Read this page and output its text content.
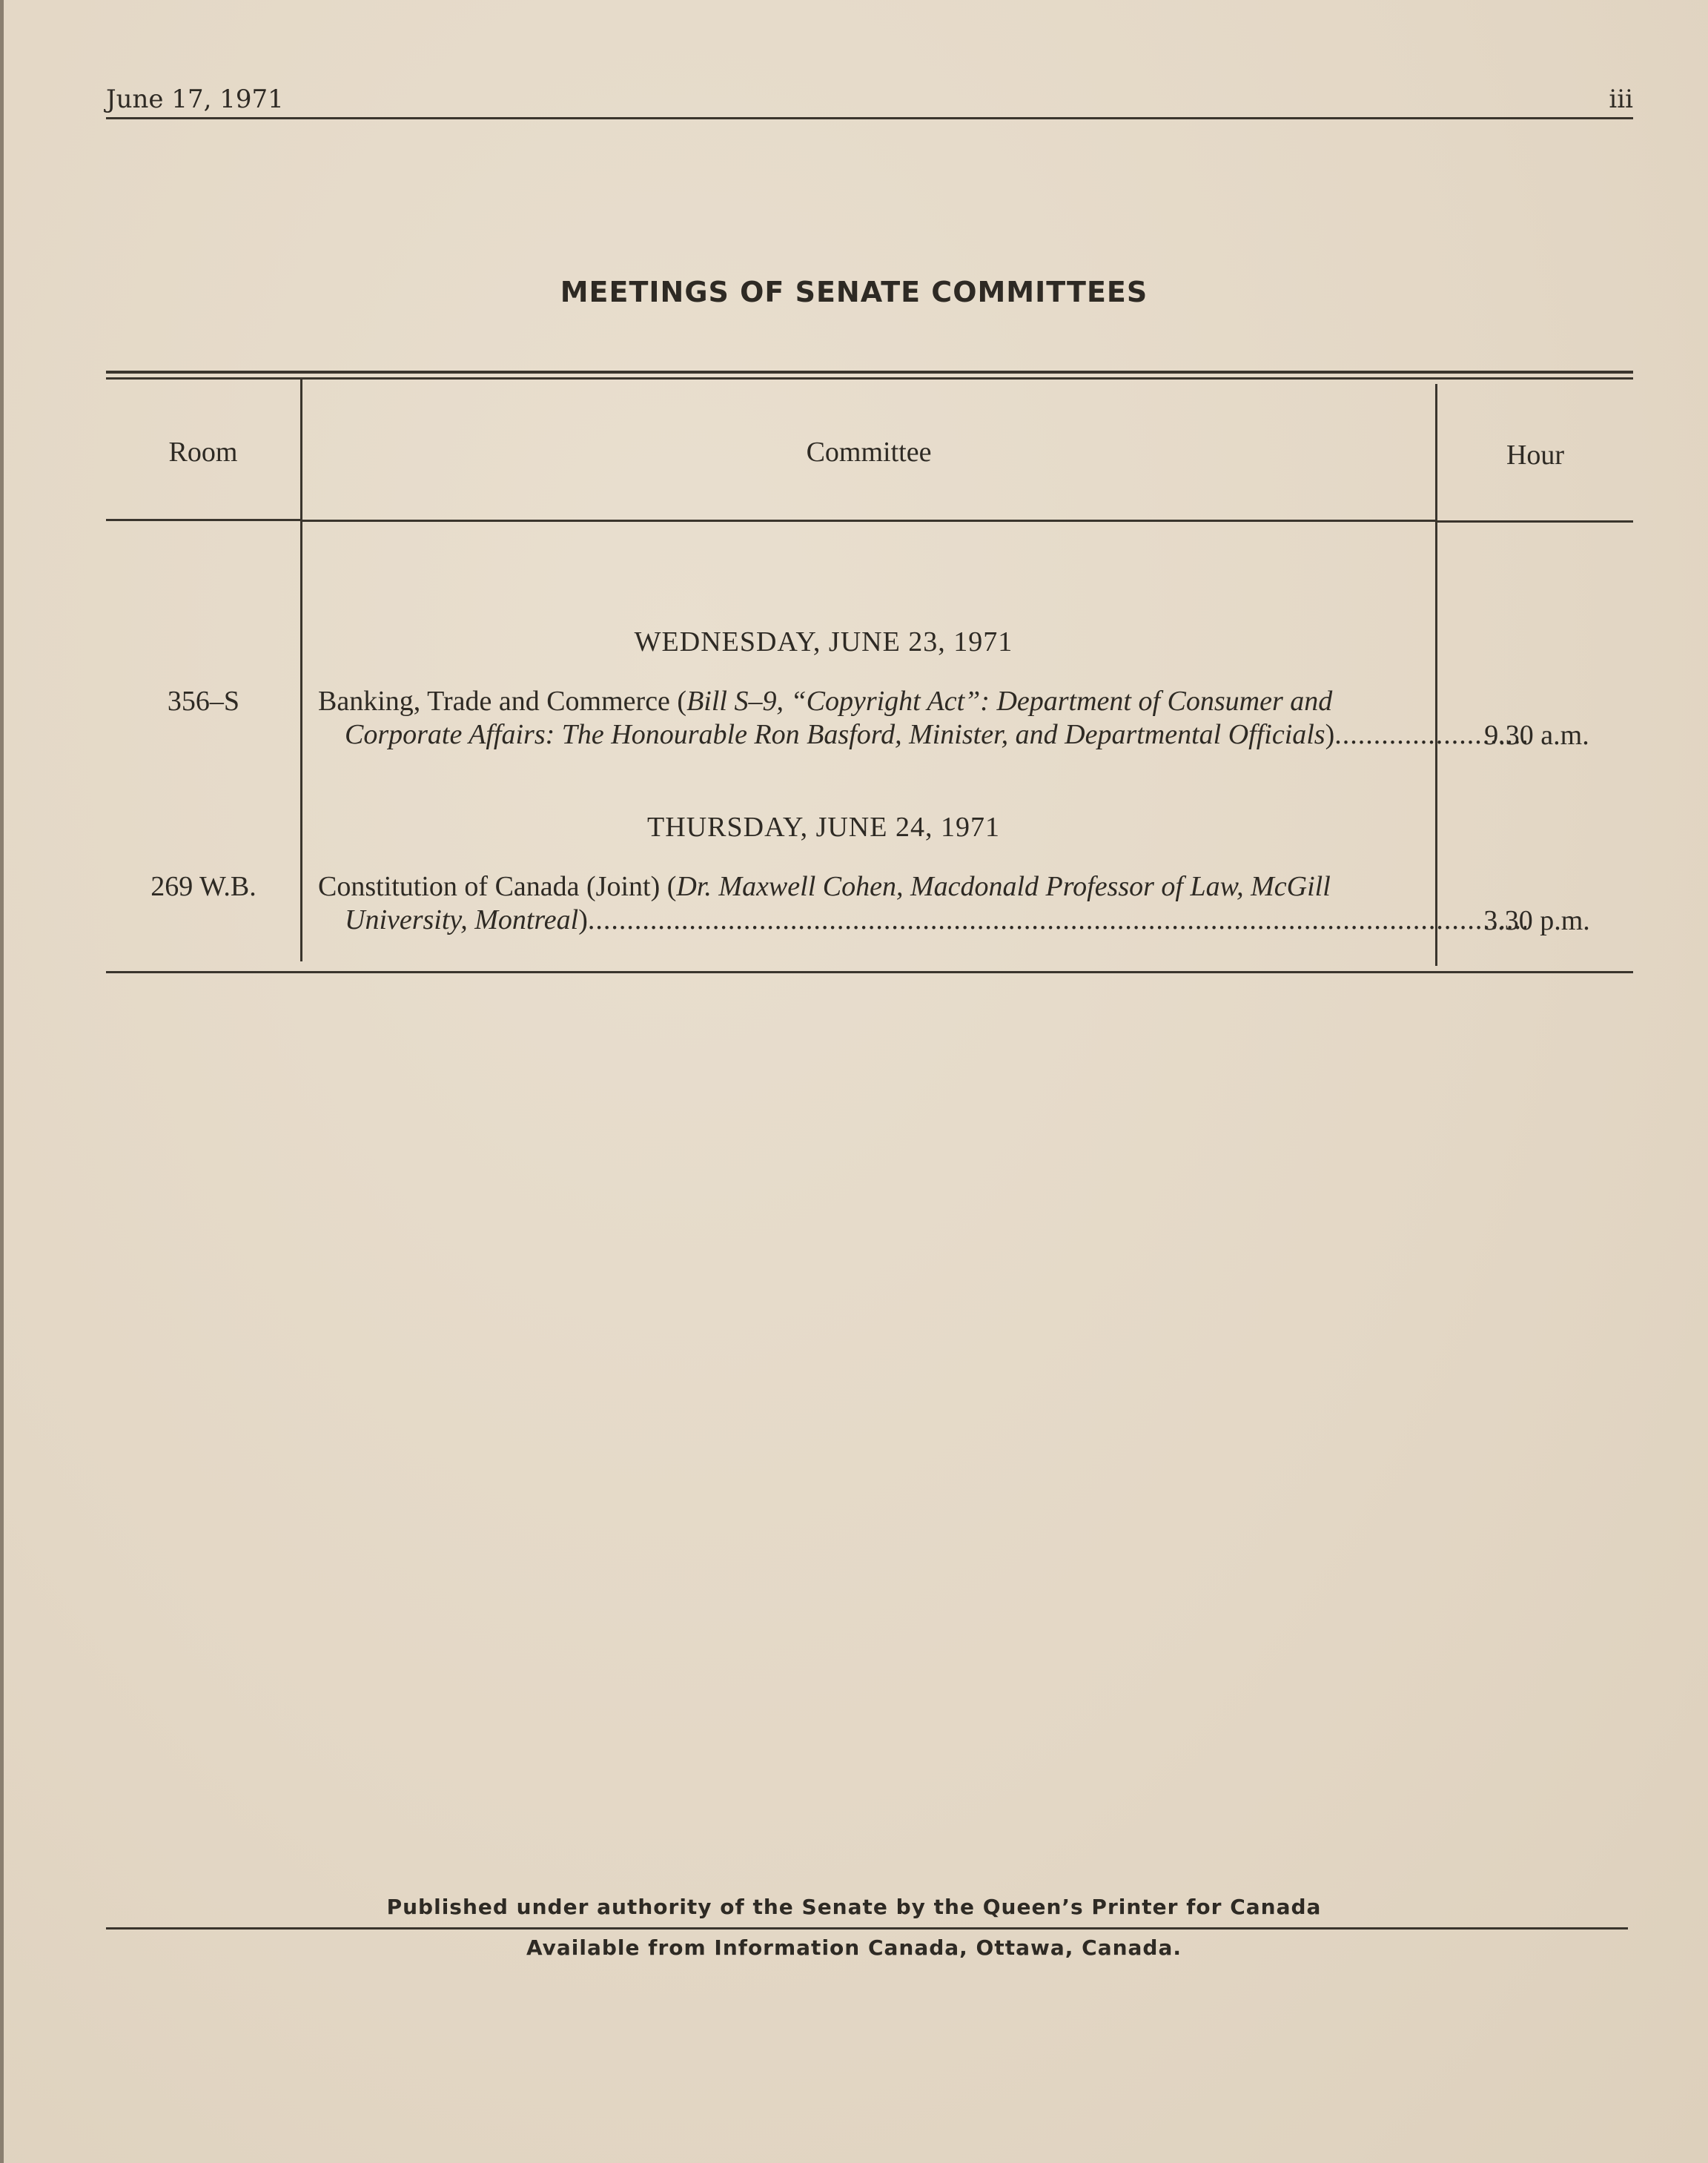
June 17, 1971	iii
MEETINGS OF SENATE COMMITTEES
Room	Committee	Hour
WEDNESDAY, JUNE 23, 1971
356–S	Banking, Trade and Commerce (Bill S–9, “Copyright Act”: Department of Consumer and
Corporate Affairs: The Honourable Ron Basford, Minister, and Departmental Officials) .....	9.30 a.m.
THURSDAY, JUNE 24, 1971
269 W.B.	Constitution of Canada (Joint) (Dr. Maxwell Cohen, Macdonald Professor of Law, McGill
University, Montreal) .....	3.30 p.m.
Published under authority of the Senate by the Queen’s Printer for Canada
Available from Information Canada, Ottawa, Canada.
